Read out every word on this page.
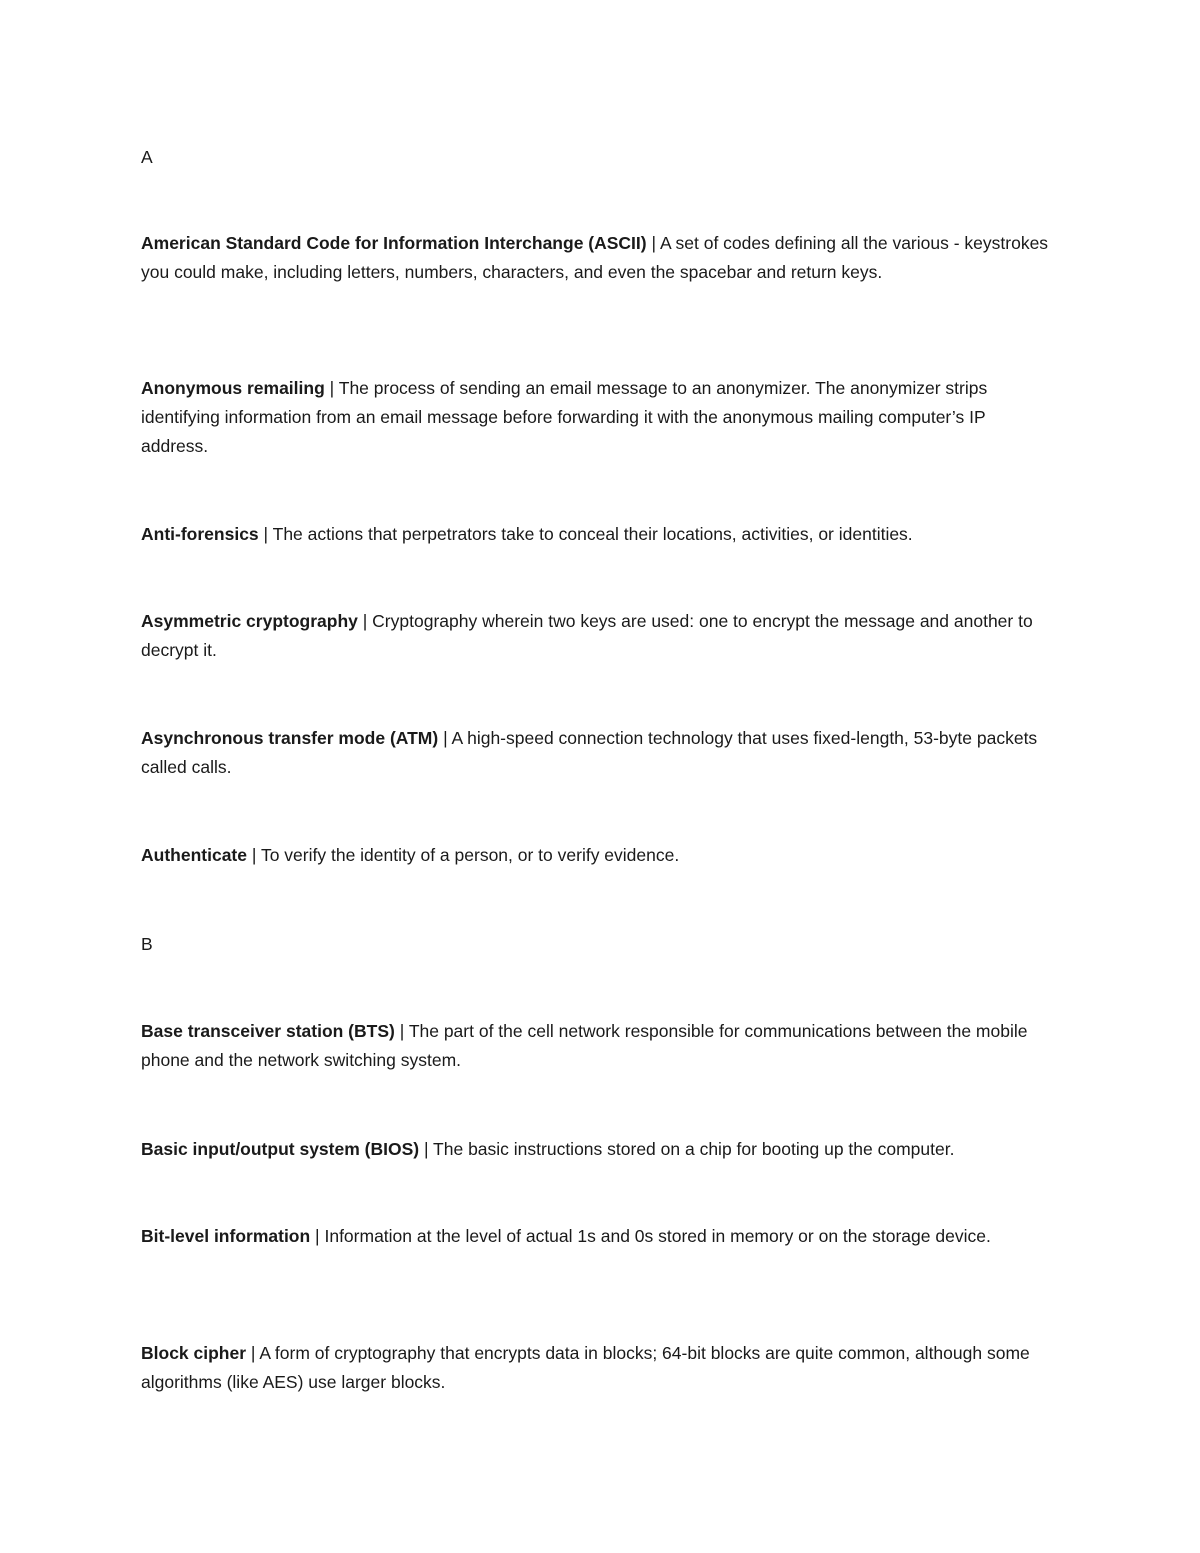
A
American Standard Code for Information Interchange (ASCII) | A set of codes defining all the various - keystrokes you could make, including letters, numbers, characters, and even the spacebar and return keys.
Anonymous remailing | The process of sending an email message to an anonymizer. The anonymizer strips identifying information from an email message before forwarding it with the anonymous mailing computer’s IP address.
Anti-forensics | The actions that perpetrators take to conceal their locations, activities, or identities.
Asymmetric cryptography | Cryptography wherein two keys are used: one to encrypt the message and another to decrypt it.
Asynchronous transfer mode (ATM) | A high-speed connection technology that uses fixed-length, 53-byte packets called calls.
Authenticate | To verify the identity of a person, or to verify evidence.
B
Base transceiver station (BTS) | The part of the cell network responsible for communications between the mobile phone and the network switching system.
Basic input/output system (BIOS) | The basic instructions stored on a chip for booting up the computer.
Bit-level information | Information at the level of actual 1s and 0s stored in memory or on the storage device.
Block cipher | A form of cryptography that encrypts data in blocks; 64-bit blocks are quite common, although some algorithms (like AES) use larger blocks.
